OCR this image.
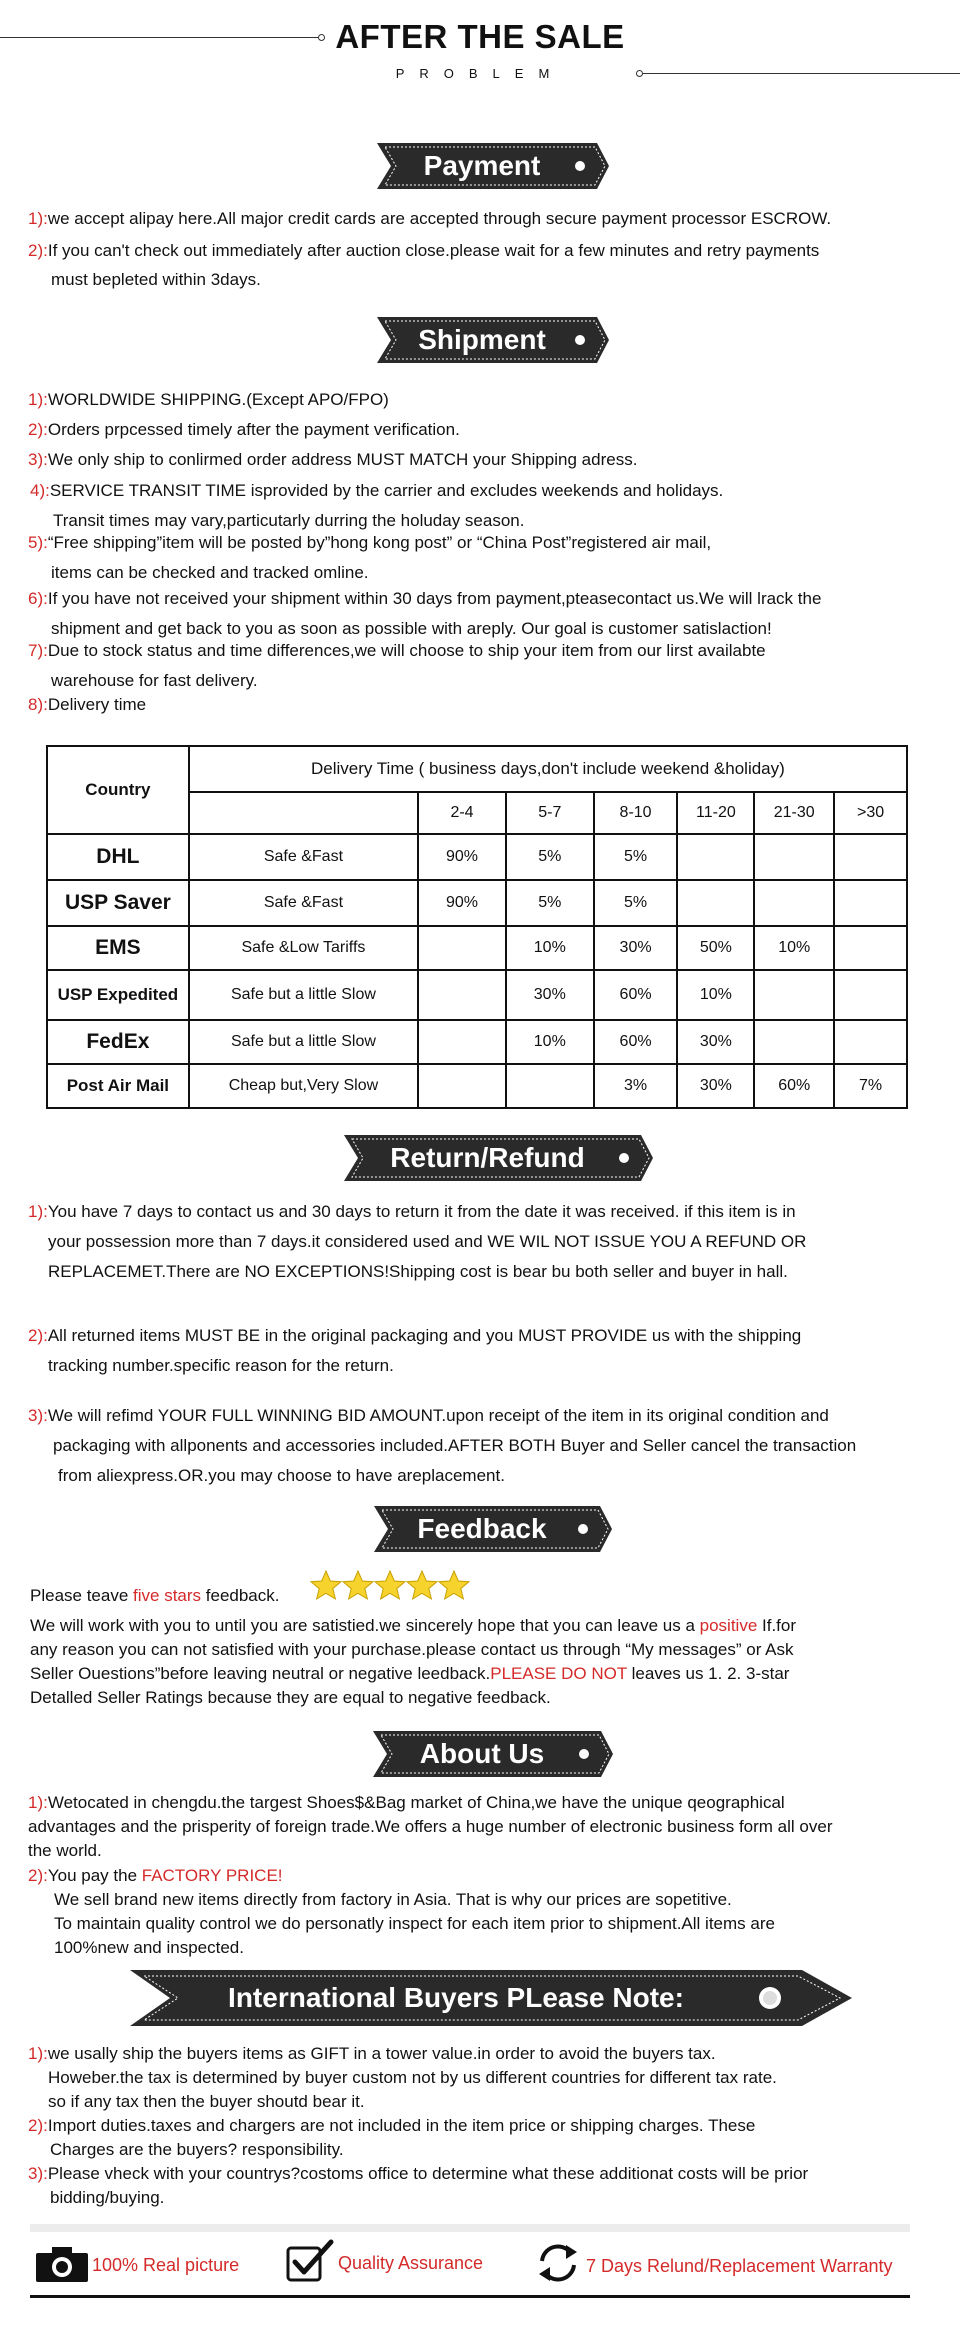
AFTER THE SALE
PROBLEM
Payment
1):we accept alipay here.All major credit cards are accepted through secure payment processor ESCROW.
2):If you can't check out immediately after auction close.please wait for a few minutes and retry payments
must bepleted within 3days.
Shipment
1):WORLDWIDE SHIPPING.(Except APO/FPO)
2):Orders prpcessed timely after the payment verification.
3):We only ship to conlirmed order address MUST MATCH your Shipping adress.
4):SERVICE TRANSIT TIME isprovided by the carrier and excludes weekends and holidays.
Transit times may vary,particutarly durring the holuday season.
5):“Free shipping”item will be posted by”hong kong post” or “China Post”registered air mail,
items can be checked and tracked omline.
6):If you have not received your shipment within 30 days from payment,pteasecontact us.We will lrack the
shipment and get back to you as soon as possible with areply. Our goal is customer satislaction!
7):Due to stock status and time differences,we will choose to ship your item from our lirst availabte
warehouse for fast delivery.
8):Delivery time
Country	Delivery Time ( business days,don't include weekend &holiday)						
		2-4	5-7	8-10	11-20	21-30	>30
DHL	Safe &Fast	90%	5%	5%			
USP Saver	Safe &Fast	90%	5%	5%			
EMS	Safe &Low Tariffs		10%	30%	50%	10%	
USP Expedited	Safe but a little Slow		30%	60%	10%		
FedEx	Safe but a little Slow		10%	60%	30%		
Post Air Mail	Cheap but,Very Slow			3%	30%	60%	7%
Return/Refund
1):You have 7 days to contact us and 30 days to return it from the date it was received. if this item is in
your possession more than 7 days.it considered used and WE WIL NOT ISSUE YOU A REFUND OR
REPLACEMET.There are NO EXCEPTIONS!Shipping cost is bear bu both seller and buyer in hall.
2):All returned items MUST BE in the original packaging and you MUST PROVIDE us with the shipping
tracking number.specific reason for the return.
3):We will refimd YOUR FULL WINNING BID AMOUNT.upon receipt of the item in its original condition and
packaging with allponents and accessories included.AFTER BOTH Buyer and Seller cancel the transaction
from aliexpress.OR.you may choose to have areplacement.
Feedback
Please teave five stars feedback.
We will work with you to until you are satistied.we sincerely hope that you can leave us a positive If.for
any reason you can not satisfied with your purchase.please contact us through “My messages” or Ask
Seller Ouestions”before leaving neutral or negative leedback.PLEASE DO NOT leaves us 1. 2. 3-star
Detalled Seller Ratings because they are equal to negative feedback.
About Us
1):Wetocated in chengdu.the targest Shoes$&Bag market of China,we have the unique qeographical
advantages and the prisperity of foreign trade.We offers a huge number of electronic business form all over
the world.
2):You pay the FACTORY PRICE!
We sell brand new items directly from factory in Asia. That is why our prices are sopetitive.
To maintain quality control we do personatly inspect for each item prior to shipment.All items are
100%new and inspected.
International Buyers PLease Note:
1):we usally ship the buyers items as GIFT in a tower value.in order to avoid the buyers tax.
Howeber.the tax is determined by buyer custom not by us different countries for different tax rate.
so if any tax then the buyer shoutd bear it.
2):Import duties.taxes and chargers are not included in the item price or shipping charges. These
Charges are the buyers? responsibility.
3):Please vheck with your countrys?costoms office to determine what these additionat costs will be prior
bidding/buying.
100% Real picture	Quality Assurance	7 Days Relund/Replacement Warranty
